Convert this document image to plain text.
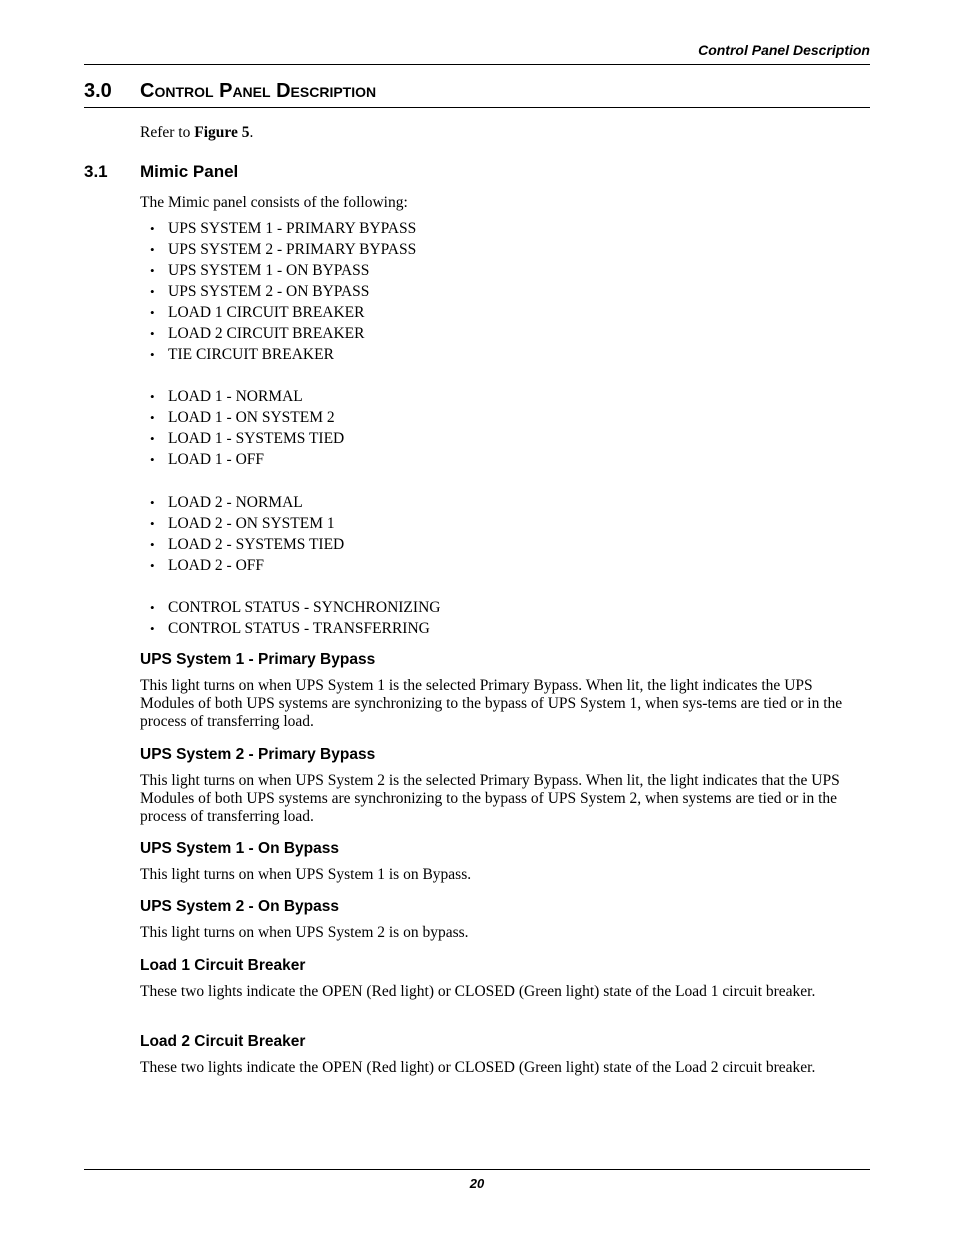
Control Panel Description
3.0 Control Panel Description
Refer to Figure 5.
3.1 Mimic Panel
The Mimic panel consists of the following:
• UPS SYSTEM 1 - PRIMARY BYPASS
• UPS SYSTEM 2 - PRIMARY BYPASS
• UPS SYSTEM 1 - ON BYPASS
• UPS SYSTEM 2 - ON BYPASS
• LOAD 1 CIRCUIT BREAKER
• LOAD 2 CIRCUIT BREAKER
• TIE CIRCUIT BREAKER
• LOAD 1 - NORMAL
• LOAD 1 - ON SYSTEM 2
• LOAD 1 - SYSTEMS TIED
• LOAD 1 - OFF
• LOAD 2 - NORMAL
• LOAD 2 - ON SYSTEM 1
• LOAD 2 - SYSTEMS TIED
• LOAD 2 - OFF
• CONTROL STATUS - SYNCHRONIZING
• CONTROL STATUS - TRANSFERRING
UPS System 1 - Primary Bypass
This light turns on when UPS System 1 is the selected Primary Bypass. When lit, the light indicates the UPS Modules of both UPS systems are synchronizing to the bypass of UPS System 1, when sys-tems are tied or in the process of transferring load.
UPS System 2 - Primary Bypass
This light turns on when UPS System 2 is the selected Primary Bypass. When lit, the light indicates that the UPS Modules of both UPS systems are synchronizing to the bypass of UPS System 2, when systems are tied or in the process of transferring load.
UPS System 1 - On Bypass
This light turns on when UPS System 1 is on Bypass.
UPS System 2 - On Bypass
This light turns on when UPS System 2 is on bypass.
Load 1 Circuit Breaker
These two lights indicate the OPEN (Red light) or CLOSED (Green light) state of the Load 1 circuit breaker.
Load 2 Circuit Breaker
These two lights indicate the OPEN (Red light) or CLOSED (Green light) state of the Load 2 circuit breaker.
20
